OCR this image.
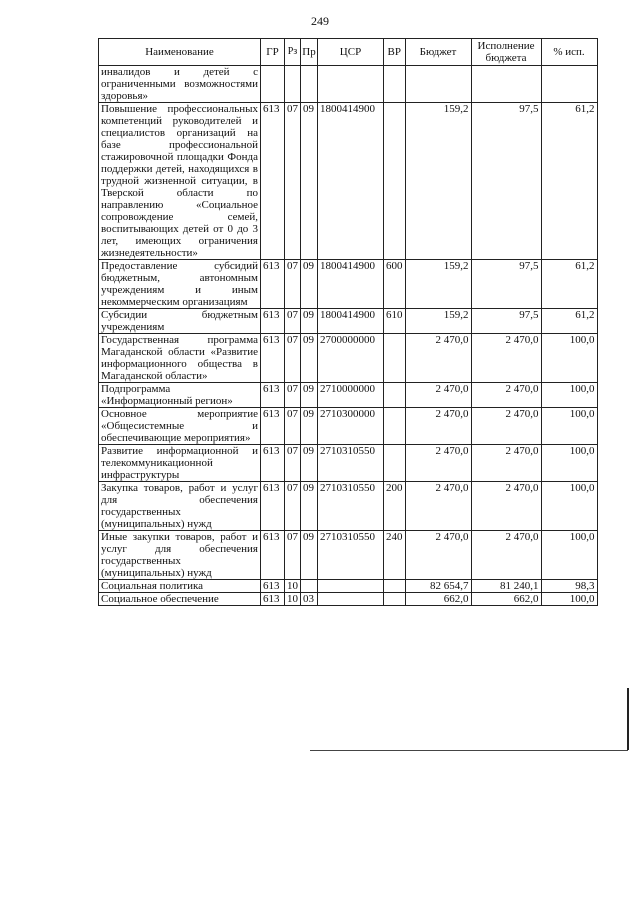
249
Наименование	ГР	Рз	Пр	ЦСР	ВР	Бюджет	Исполнение бюджета	% исп.
инвалидов и детей с ограниченными возможностями здоровья»								
Повышение профессиональных компетенций руководителей и специалистов организаций на базе профессиональной стажировочной площадки Фонда поддержки детей, находящихся в трудной жизненной ситуации, в Тверской области по направлению «Социальное сопровождение семей, воспитывающих детей от 0 до 3 лет, имеющих ограничения жизнедеятельности»	613	07	09	1800414900		159,2	97,5	61,2
Предоставление субсидий бюджетным, автономным учреждениям и иным некоммерческим организациям	613	07	09	1800414900	600	159,2	97,5	61,2
Субсидии бюджетным учреждениям	613	07	09	1800414900	610	159,2	97,5	61,2
Государственная программа Магаданской области «Развитие информационного общества в Магаданской области»	613	07	09	2700000000		2 470,0	2 470,0	100,0
Подпрограмма «Информационный регион»	613	07	09	2710000000		2 470,0	2 470,0	100,0
Основное мероприятие «Общесистемные и обеспечивающие мероприятия»	613	07	09	2710300000		2 470,0	2 470,0	100,0
Развитие информационной и телекоммуникационной инфраструктуры	613	07	09	2710310550		2 470,0	2 470,0	100,0
Закупка товаров, работ и услуг для обеспечения государственных (муниципальных) нужд	613	07	09	2710310550	200	2 470,0	2 470,0	100,0
Иные закупки товаров, работ и услуг для обеспечения государственных (муниципальных) нужд	613	07	09	2710310550	240	2 470,0	2 470,0	100,0
Социальная политика	613	10				82 654,7	81 240,1	98,3
Социальное обеспечение	613	10	03			662,0	662,0	100,0
